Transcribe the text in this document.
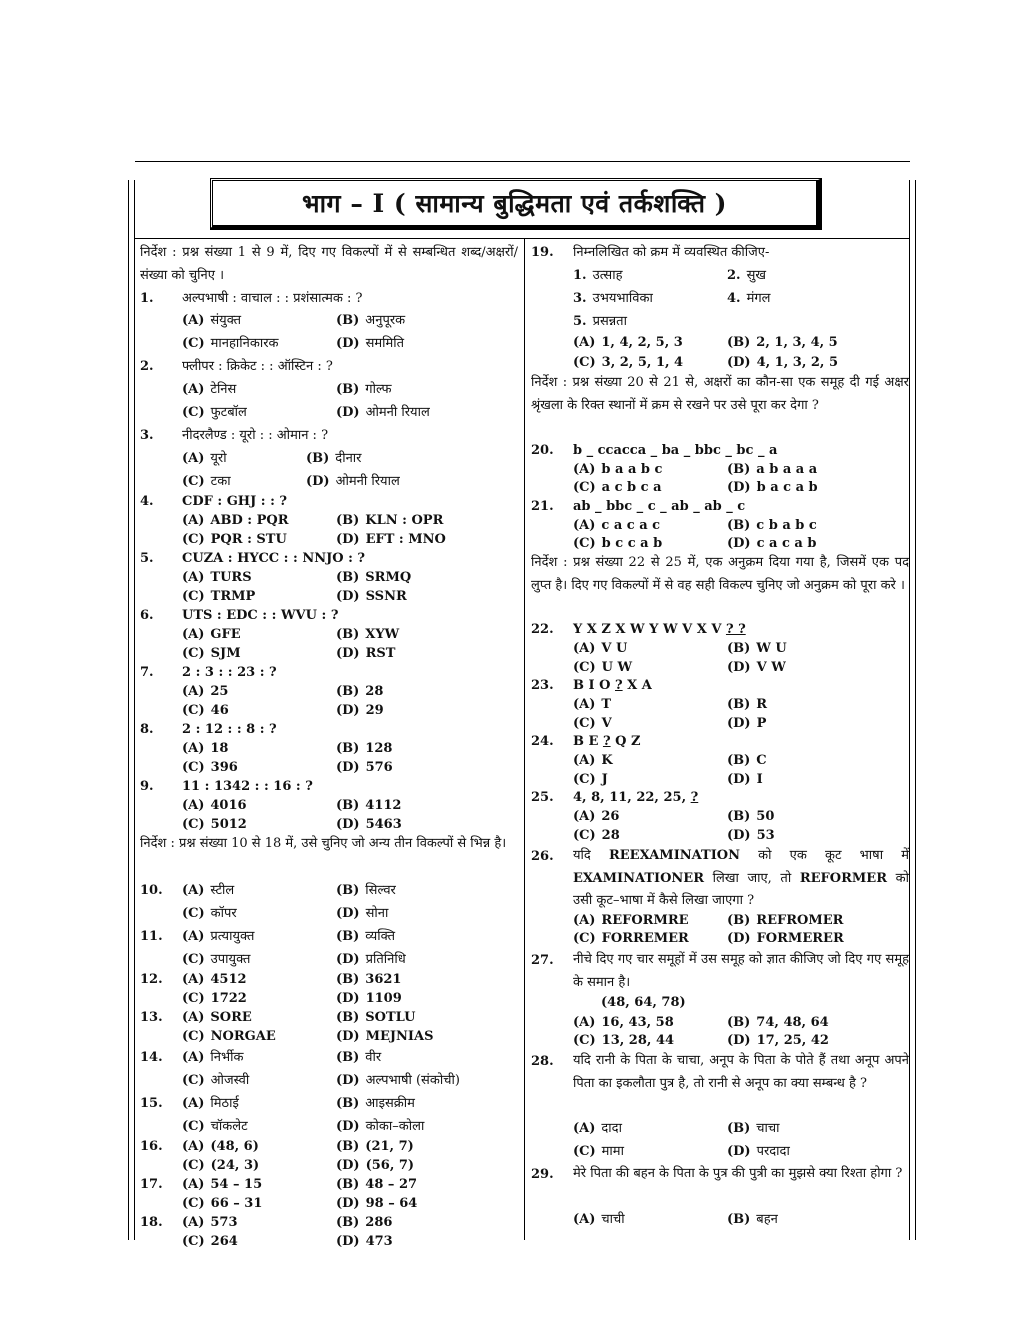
भाग – I ( सामान्य बुद्धिमता एवं तर्कशक्ति )
निर्देश : प्रश्न संख्या 1 से 9 में, दिए गए विकल्पों में से सम्बन्धित शब्द/अक्षरों/संख्या को चुनिए ।
1. अल्पभाषी : वाचाल : : प्रशंसात्मक : ?
(A) संयुक्त	(B) अनुपूरक
(C) मानहानिकारक	(D) सममिति
2. फ्लीपर : क्रिकेट : : ऑस्टिन : ?
(A) टेनिस	(B) गोल्फ
(C) फुटबॉल	(D) ओमनी रियाल
3. नीदरलैण्ड : यूरो : : ओमान : ?
(A) यूरो	(B) दीनार
(C) टका	(D) ओमनी रियाल
4. CDF : GHJ : : ?
(A) ABD : PQR	(B) KLN : OPR
(C) PQR : STU	(D) EFT : MNO
5. CUZA : HYCC : : NNJO : ?
(A) TURS	(B) SRMQ
(C) TRMP	(D) SSNR
6. UTS : EDC : : WVU : ?
(A) GFE	(B) XYW
(C) SJM	(D) RST
7. 2 : 3 : : 23 : ?
(A) 25	(B) 28
(C) 46	(D) 29
8. 2 : 12 : : 8 : ?
(A) 18	(B) 128
(C) 396	(D) 576
9. 11 : 1342 : : 16 : ?
(A) 4016	(B) 4112
(C) 5012	(D) 5463
निर्देश : प्रश्न संख्या 10 से 18 में, उसे चुनिए जो अन्य तीन विकल्पों से भिन्न है।
10. (A) स्टील	(B) सिल्वर
(C) कॉपर	(D) सोना
11. (A) प्रत्यायुक्त	(B) व्यक्ति
(C) उपायुक्त	(D) प्रतिनिधि
12. (A) 4512	(B) 3621
(C) 1722	(D) 1109
13. (A) SORE	(B) SOTLU
(C) NORGAE	(D) MEJNIAS
14. (A) निर्भीक	(B) वीर
(C) ओजस्वी	(D) अल्पभाषी (संकोची)
15. (A) मिठाई	(B) आइसक्रीम
(C) चॉकलेट	(D) कोका–कोला
16. (A) (48, 6)	(B) (21, 7)
(C) (24, 3)	(D) (56, 7)
17. (A) 54 – 15	(B) 48 – 27
(C) 66 – 31	(D) 98 – 64
18. (A) 573	(B) 286
(C) 264	(D) 473
19. निम्नलिखित को क्रम में व्यवस्थित कीजिए-
1. उत्साह	2. सुख
3. उभयभाविका	4. मंगल
5. प्रसन्नता
(A) 1, 4, 2, 5, 3	(B) 2, 1, 3, 4, 5
(C) 3, 2, 5, 1, 4	(D) 4, 1, 3, 2, 5
निर्देश : प्रश्न संख्या 20 से 21 से, अक्षरों का कौन-सा एक समूह दी गई अक्षर श्रृंखला के रिक्त स्थानों में क्रम से रखने पर उसे पूरा कर देगा ?
20. b _ ccacca _ ba _ bbc _ bc _ a
(A) b a a b c	(B) a b a a a
(C) a c b c a	(D) b a c a b
21. ab _ bbc _ c _ ab _ ab _ c
(A) c a c a c	(B) c b a b c
(C) b c c a b	(D) c a c a b
निर्देश : प्रश्न संख्या 22 से 25 में, एक अनुक्रम दिया गया है, जिसमें एक पद लुप्त है। दिए गए विकल्पों में से वह सही विकल्प चुनिए जो अनुक्रम को पूरा करे ।
22. Y X Z X W Y W V X V ? ?
(A) V U	(B) W U
(C) U W	(D) V W
23. B I O ? X A
(A) T	(B) R
(C) V	(D) P
24. B E ? Q Z
(A) K	(B) C
(C) J	(D) I
25. 4, 8, 11, 22, 25, ?
(A) 26	(B) 50
(C) 28	(D) 53
26. यदि REEXAMINATION को एक कूट भाषा में EXAMINATIONER लिखा जाए, तो REFORMER को उसी कूट–भाषा में कैसे लिखा जाएगा ?
(A) REFORMRE	(B) REFROMER
(C) FORREMER	(D) FORMERER
27. नीचे दिए गए चार समूहों में उस समूह को ज्ञात कीजिए जो दिए गए समूह के समान है।
(48, 64, 78)
(A) 16, 43, 58	(B) 74, 48, 64
(C) 13, 28, 44	(D) 17, 25, 42
28. यदि रानी के पिता के चाचा, अनूप के पिता के पोते हैं तथा अनूप अपने पिता का इकलौता पुत्र है, तो रानी से अनूप का क्या सम्बन्ध है ?
(A) दादा	(B) चाचा
(C) मामा	(D) परदादा
29. मेरे पिता की बहन के पिता के पुत्र की पुत्री का मुझसे क्या रिश्ता होगा ?
(A) चाची	(B) बहन
